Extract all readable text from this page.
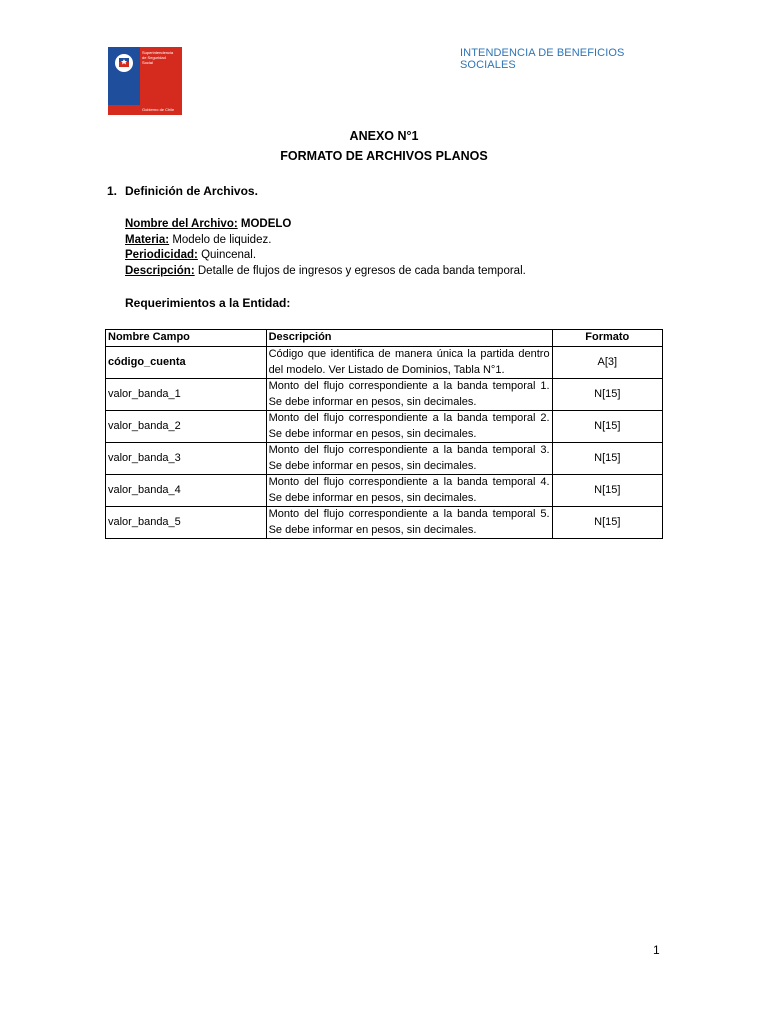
Superintendencia
de Seguridad
Social
Gobierno de Chile
INTENDENCIA DE BENEFICIOS SOCIALES
ANEXO N°1
FORMATO DE ARCHIVOS PLANOS
1. Definición de Archivos.
Nombre del Archivo: MODELO
Materia: Modelo de liquidez.
Periodicidad: Quincenal.
Descripción: Detalle de flujos de ingresos y egresos de cada banda temporal.
Requerimientos a la Entidad:
Nombre Campo	Descripción	Formato
código_cuenta	Código que identifica de manera única la partida dentro del modelo. Ver Listado de Dominios, Tabla N°1.	A[3]
valor_banda_1	Monto del flujo correspondiente a la banda temporal 1. Se debe informar en pesos, sin decimales.	N[15]
valor_banda_2	Monto del flujo correspondiente a la banda temporal 2. Se debe informar en pesos, sin decimales.	N[15]
valor_banda_3	Monto del flujo correspondiente a la banda temporal 3. Se debe informar en pesos, sin decimales.	N[15]
valor_banda_4	Monto del flujo correspondiente a la banda temporal 4. Se debe informar en pesos, sin decimales.	N[15]
valor_banda_5	Monto del flujo correspondiente a la banda temporal 5. Se debe informar en pesos, sin decimales.	N[15]
1
